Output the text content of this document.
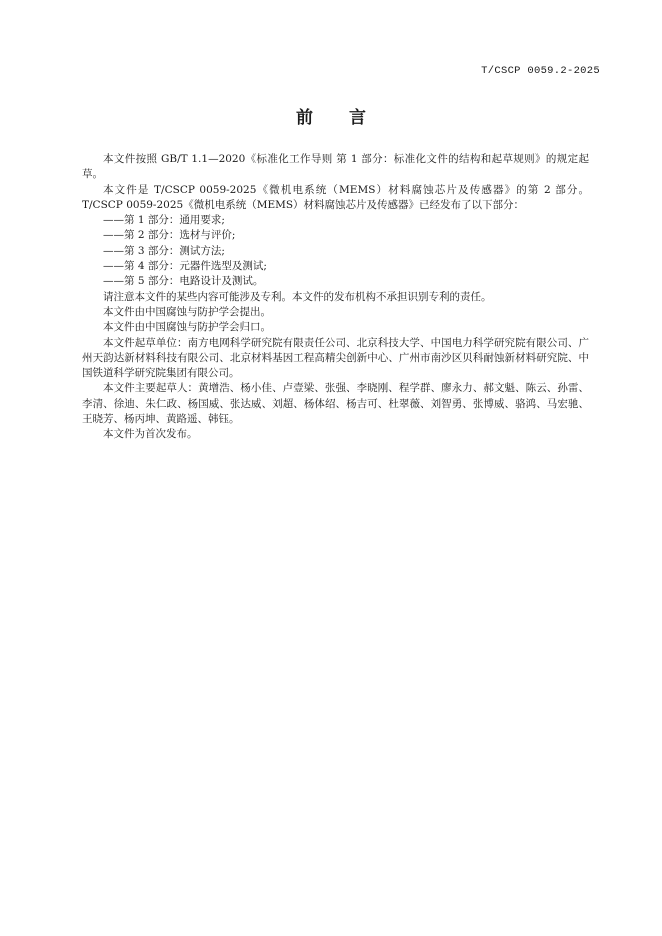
T/CSCP 0059.2-2025
前 言

本文件按照 GB/T 1.1—2020《标准化工作导则 第 1 部分：标准化文件的结构和起草规则》的规定起草。

本文件是 T/CSCP 0059-2025《微机电系统（MEMS）材料腐蚀芯片及传感器》的第 2 部分。T/CSCP 0059-2025《微机电系统（MEMS）材料腐蚀芯片及传感器》已经发布了以下部分：

——第 1 部分：通用要求;

——第 2 部分：选材与评价;

——第 3 部分：测试方法;

——第 4 部分：元器件选型及测试;

——第 5 部分：电路设计及测试。

请注意本文件的某些内容可能涉及专利。本文件的发布机构不承担识别专利的责任。

本文件由中国腐蚀与防护学会提出。

本文件由中国腐蚀与防护学会归口。

本文件起草单位：南方电网科学研究院有限责任公司、北京科技大学、中国电力科学研究院有限公司、广州天韵达新材料科技有限公司、北京材料基因工程高精尖创新中心、广州市南沙区贝科耐蚀新材料研究院、中国铁道科学研究院集团有限公司。

本文件主要起草人：黄增浩、杨小佳、卢壹梁、张强、李晓刚、程学群、廖永力、郝文魁、陈云、孙雷、李清、徐迪、朱仁政、杨国威、张达威、刘超、杨体绍、杨吉可、杜翠薇、刘智勇、张博威、骆鸿、马宏驰、王晓芳、杨丙坤、黄路遥、韩钰。

本文件为首次发布。
